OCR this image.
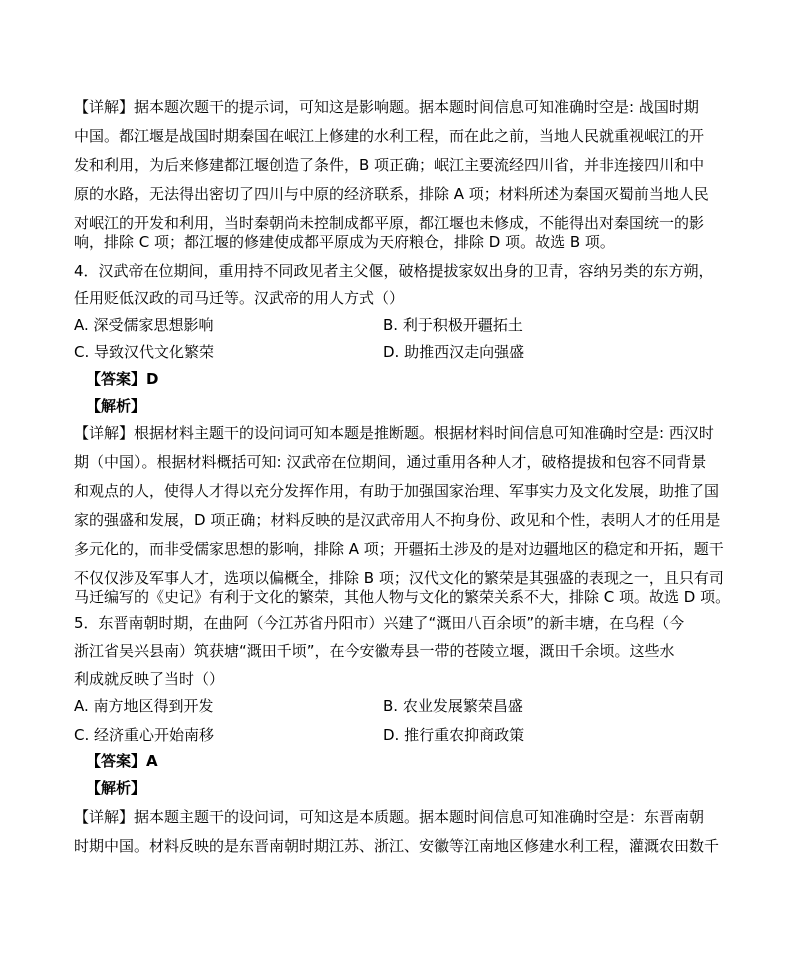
【详解】据本题次题干的提示词，可知这是影响题。据本题时间信息可知准确时空是: 战国时期
中国。都江堰是战国时期秦国在岷江上修建的水利工程，而在此之前，当地人民就重视岷江的开
发和利用，为后来修建都江堰创造了条件，B 项正确；岷江主要流经四川省，并非连接四川和中
原的水路，无法得出密切了四川与中原的经济联系，排除 A 项；材料所述为秦国灭蜀前当地人民
对岷江的开发和利用，当时秦朝尚未控制成都平原，都江堰也未修成，不能得出对秦国统一的影
响，排除 C 项；都江堰的修建使成都平原成为天府粮仓，排除 D 项。故选 B 项。
4．汉武帝在位期间，重用持不同政见者主父偃，破格提拔家奴出身的卫青，容纳另类的东方朔，
任用贬低汉政的司马迁等。汉武帝的用人方式（）
A. 深受儒家思想影响	B. 利于积极开疆拓土
C. 导致汉代文化繁荣	D. 助推西汉走向强盛
【答案】D
【解析】
【详解】根据材料主题干的设问词可知本题是推断题。根据材料时间信息可知准确时空是: 西汉时
期（中国）。根据材料概括可知: 汉武帝在位期间，通过重用各种人才，破格提拔和包容不同背景
和观点的人，使得人才得以充分发挥作用，有助于加强国家治理、军事实力及文化发展，助推了国
家的强盛和发展，D 项正确；材料反映的是汉武帝用人不拘身份、政见和个性，表明人才的任用是
多元化的，而非受儒家思想的影响，排除 A 项；开疆拓土涉及的是对边疆地区的稳定和开拓，题干
不仅仅涉及军事人才，选项以偏概全，排除 B 项；汉代文化的繁荣是其强盛的表现之一，且只有司
马迁编写的《史记》有利于文化的繁荣，其他人物与文化的繁荣关系不大，排除 C 项。故选 D 项。
5．东晋南朝时期，在曲阿（今江苏省丹阳市）兴建了“溉田八百余顷”的新丰塘，在乌程（今
浙江省吴兴县南）筑获塘“溉田千顷”，在今安徽寿县一带的苍陵立堰，溉田千余顷。这些水
利成就反映了当时（）
A. 南方地区得到开发	B. 农业发展繁荣昌盛
C. 经济重心开始南移	D. 推行重农抑商政策
【答案】A
【解析】
【详解】据本题主题干的设问词，可知这是本质题。据本题时间信息可知准确时空是：东晋南朝
时期中国。材料反映的是东晋南朝时期江苏、浙江、安徽等江南地区修建水利工程，灌溉农田数千
